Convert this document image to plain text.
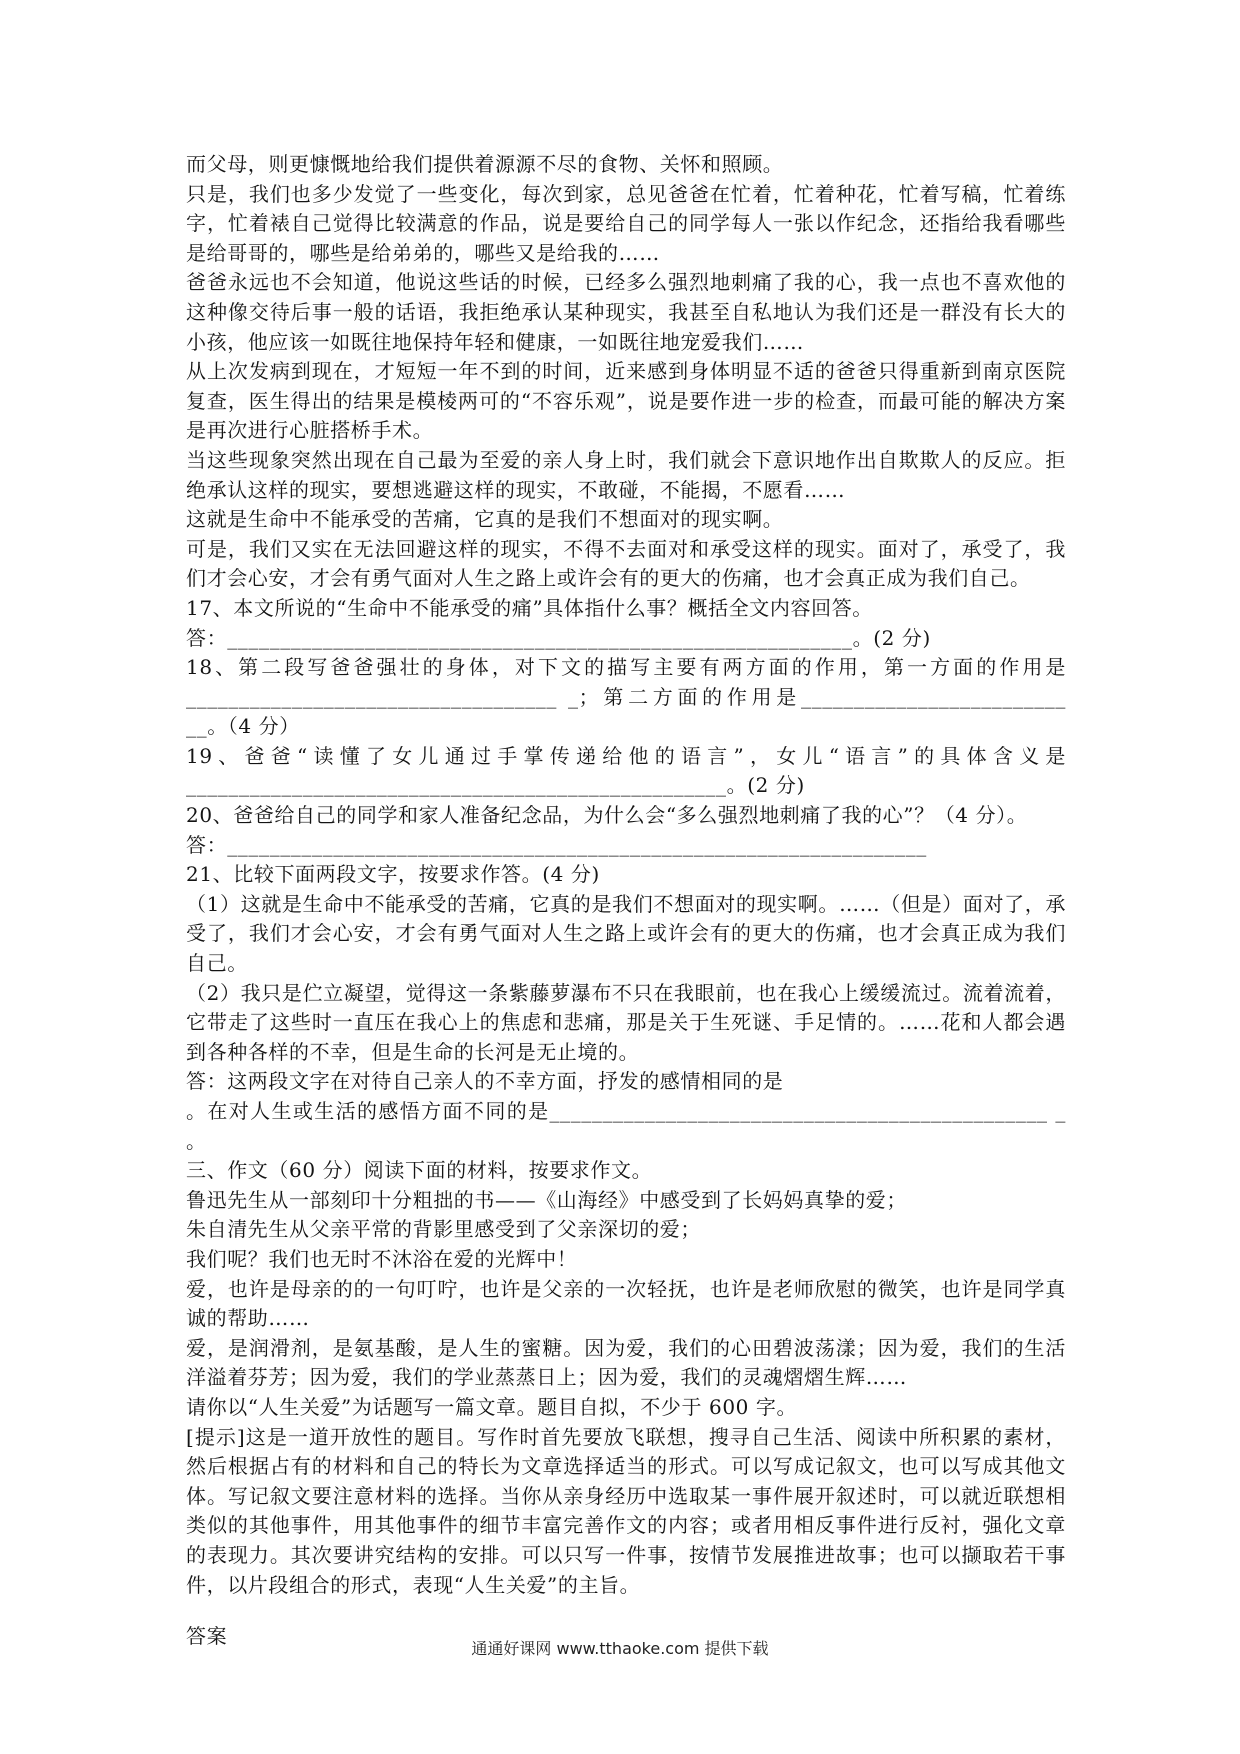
而父母，则更慷慨地给我们提供着源源不尽的食物、关怀和照顾。

只是，我们也多少发觉了一些变化，每次到家，总见爸爸在忙着，忙着种花，忙着写稿，忙着练字，忙着裱自己觉得比较满意的作品，说是要给自己的同学每人一张以作纪念，还指给我看哪些是给哥哥的，哪些是给弟弟的，哪些又是给我的……

爸爸永远也不会知道，他说这些话的时候，已经多么强烈地刺痛了我的心，我一点也不喜欢他的这种像交待后事一般的话语，我拒绝承认某种现实，我甚至自私地认为我们还是一群没有长大的小孩，他应该一如既往地保持年轻和健康，一如既往地宠爱我们……

从上次发病到现在，才短短一年不到的时间，近来感到身体明显不适的爸爸只得重新到南京医院复查，医生得出的结果是模棱两可的“不容乐观”，说是要作进一步的检查，而最可能的解决方案是再次进行心脏搭桥手术。

当这些现象突然出现在自己最为至爱的亲人身上时，我们就会下意识地作出自欺欺人的反应。拒绝承认这样的现实，要想逃避这样的现实，不敢碰，不能揭，不愿看……

这就是生命中不能承受的苦痛，它真的是我们不想面对的现实啊。

可是，我们又实在无法回避这样的现实，不得不去面对和承受这样的现实。面对了，承受了，我们才会心安，才会有勇气面对人生之路上或许会有的更大的伤痛，也才会真正成为我们自己。

17、本文所说的“生命中不能承受的痛”具体指什么事？概括全文内容回答。

答：___________________________________________________________。(2 分)

18、第二段写爸爸强壮的身体，对下文的描写主要有两方面的作用，第一方面的作用是___________________________________ _；第二方面的作用是_________________________ __。（4 分）

19、爸爸“读懂了女儿通过手掌传递给他的语言”，女儿“语言”的具体含义是___________________________________________________。(2 分)

20、爸爸给自己的同学和家人准备纪念品，为什么会“多么强烈地刺痛了我的心”？（4 分）。

答：__________________________________________________________________

21、比较下面两段文字，按要求作答。(4 分)

（1）这就是生命中不能承受的苦痛，它真的是我们不想面对的现实啊。……（但是）面对了，承受了，我们才会心安，才会有勇气面对人生之路上或许会有的更大的伤痛，也才会真正成为我们自己。

（2）我只是伫立凝望，觉得这一条紫藤萝瀑布不只在我眼前，也在我心上缓缓流过。流着流着，它带走了这些时一直压在我心上的焦虑和悲痛，那是关于生死谜、手足情的。……花和人都会遇到各种各样的不幸，但是生命的长河是无止境的。

答：这两段文字在对待自己亲人的不幸方面，抒发的感情相同的是

。在对人生或生活的感悟方面不同的是_______________________________________________ _ 。

三、作文（60 分）阅读下面的材料，按要求作文。

鲁迅先生从一部刻印十分粗拙的书——《山海经》中感受到了长妈妈真挚的爱；

朱自清先生从父亲平常的背影里感受到了父亲深切的爱；

我们呢？我们也无时不沐浴在爱的光辉中！

爱，也许是母亲的的一句叮咛，也许是父亲的一次轻抚，也许是老师欣慰的微笑，也许是同学真诚的帮助……

爱，是润滑剂，是氨基酸，是人生的蜜糖。因为爱，我们的心田碧波荡漾；因为爱，我们的生活洋溢着芬芳；因为爱，我们的学业蒸蒸日上；因为爱，我们的灵魂熠熠生辉……

请你以“人生关爱”为话题写一篇文章。题目自拟，不少于 600 字。

[提示]这是一道开放性的题目。写作时首先要放飞联想，搜寻自己生活、阅读中所积累的素材，然后根据占有的材料和自己的特长为文章选择适当的形式。可以写成记叙文，也可以写成其他文体。写记叙文要注意材料的选择。当你从亲身经历中选取某一事件展开叙述时，可以就近联想相类似的其他事件，用其他事件的细节丰富完善作文的内容；或者用相反事件进行反衬，强化文章的表现力。其次要讲究结构的安排。可以只写一件事，按情节发展推进故事；也可以撷取若干事件，以片段组合的形式，表现“人生关爱”的主旨。

答案

通通好课网 www.tthaoke.com 提供下载
